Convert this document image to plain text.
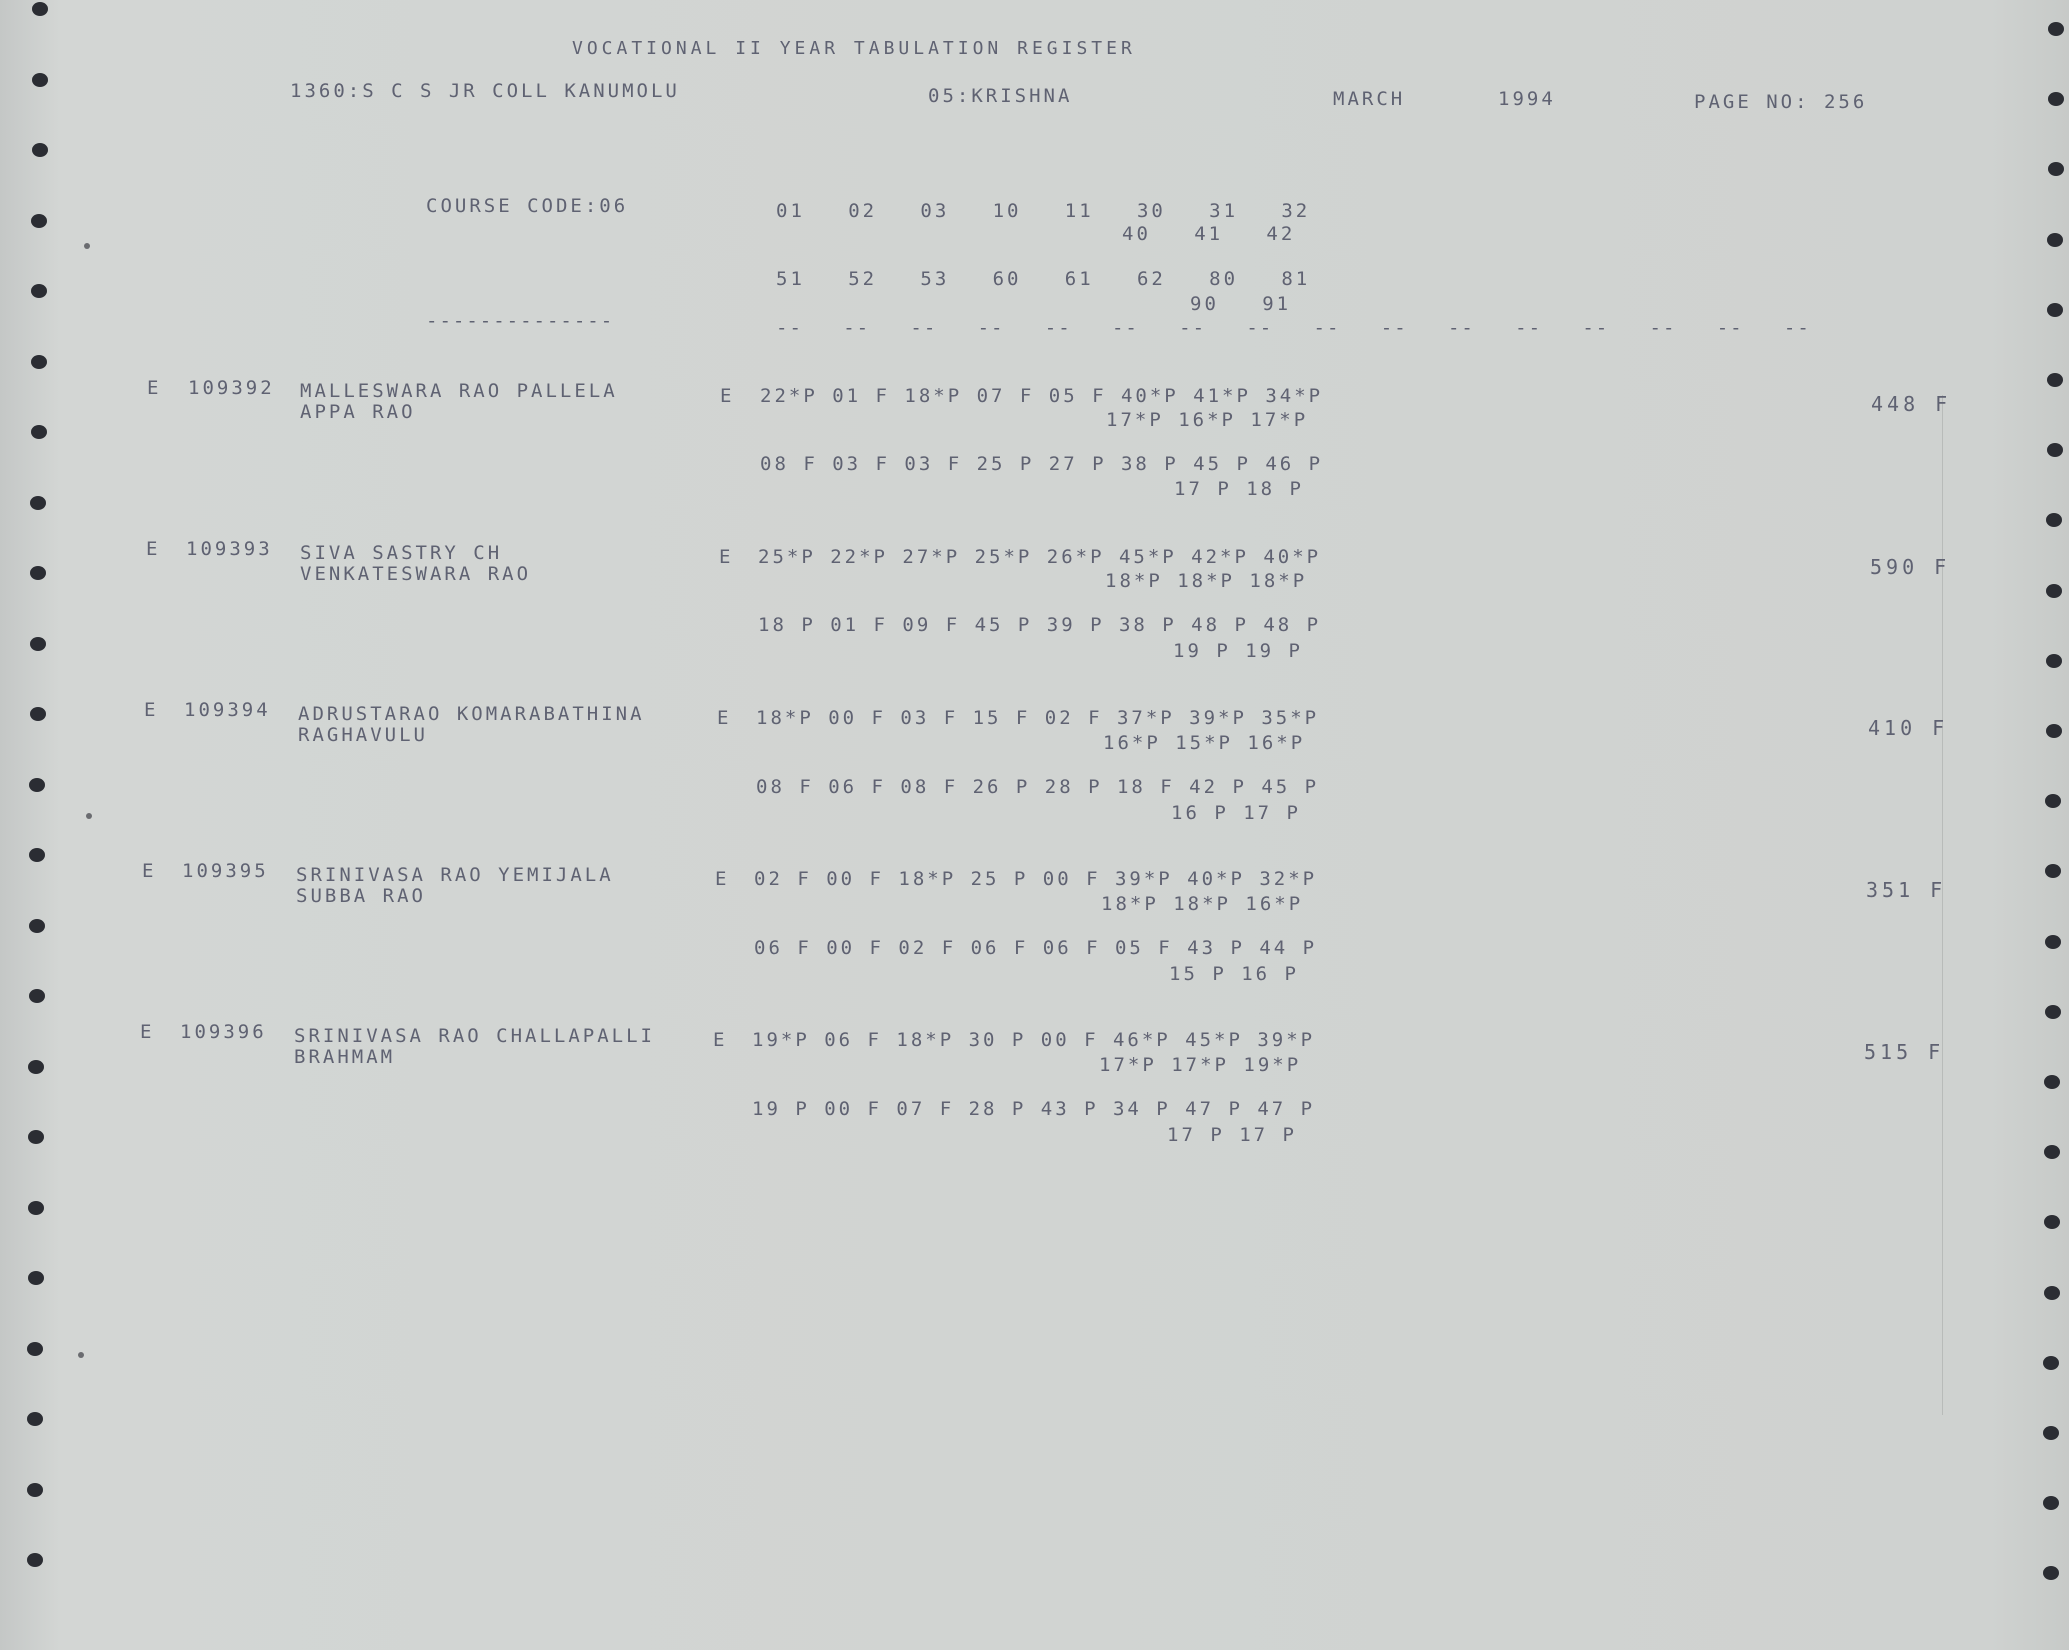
VOCATIONAL II YEAR TABULATION REGISTER
1360:S C S JR COLL KANUMOLU	05:KRISHNA	MARCH	1994	PAGE NO: 256
COURSE CODE:06	01   02   03   10   11   30   31   32
40   41   42
51   52   53   60   61   62   80   81
90   91
--------------	--   --   --   --   --   --   --   --   --   --   --   --   --   --   --   --
E 109392 MALLESWARA RAO PALLELA
APPA RAO
E 22*P 01 F 18*P 07 F 05 F 40*P 41*P 34*P
17*P 16*P 17*P
08 F 03 F 03 F 25 P 27 P 38 P 45 P 46 P
17 P 18 P
448 F
E 109393 SIVA SASTRY CH
VENKATESWARA RAO
E 25*P 22*P 27*P 25*P 26*P 45*P 42*P 40*P
18*P 18*P 18*P
18 P 01 F 09 F 45 P 39 P 38 P 48 P 48 P
19 P 19 P
590 F
E 109394 ADRUSTARAO KOMARABATHINA
RAGHAVULU
E 18*P 00 F 03 F 15 F 02 F 37*P 39*P 35*P
16*P 15*P 16*P
08 F 06 F 08 F 26 P 28 P 18 F 42 P 45 P
16 P 17 P
410 F
E 109395 SRINIVASA RAO YEMIJALA
SUBBA RAO
E 02 F 00 F 18*P 25 P 00 F 39*P 40*P 32*P
18*P 18*P 16*P
06 F 00 F 02 F 06 F 06 F 05 F 43 P 44 P
15 P 16 P
351 F
E 109396 SRINIVASA RAO CHALLAPALLI
BRAHMAM
E 19*P 06 F 18*P 30 P 00 F 46*P 45*P 39*P
17*P 17*P 19*P
19 P 00 F 07 F 28 P 43 P 34 P 47 P 47 P
17 P 17 P
515 F
